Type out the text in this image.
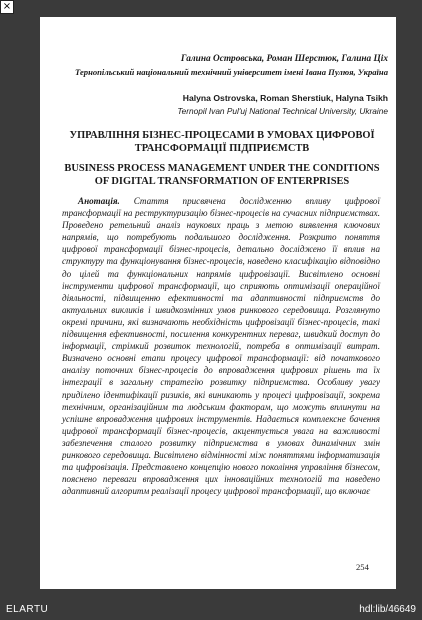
×
Галина Островська, Роман Шерстюк, Галина Ціх
Тернопільський національний технічний університет імені Івана Пулюя, Україна
Halyna Ostrovska, Roman Sherstiuk, Halyna Tsikh
Ternopil Ivan Pul'uj National Technical University, Ukraine
УПРАВЛІННЯ БІЗНЕС-ПРОЦЕСАМИ В УМОВАХ ЦИФРОВОЇ ТРАНСФОРМАЦІЇ ПІДПРИЄМСТВ
BUSINESS PROCESS MANAGEMENT UNDER THE CONDITIONS OF DIGITAL TRANSFORMATION OF ENTERPRISES

Анотація. Стаття присвячена дослідженню впливу цифрової трансформації на реструктуризацію бізнес-процесів на сучасних підприємствах. Проведено ретельний аналіз наукових праць з метою виявлення ключових напрямів, що потребують подальшого дослідження. Розкрито поняття цифрової трансформації бізнес-процесів, детально досліджено її вплив на структуру та функціонування бізнес-процесів, наведено класифікацію відповідно до цілей та функціональних напрямів цифровізації. Висвітлено основні інструменти цифрової трансформації, що сприяють оптимізації операційної діяльності, підвищенню ефективності та адаптивності підприємств до актуальних викликів і швидкозмінних умов ринкового середовища. Розглянуто окремі причини, які визначають необхідність цифровізації бізнес-процесів, такі підвищення ефективності, посилення конкурентних переваг, швидкий доступ до інформації, стрімкий розвиток технологій, потреба в оптимізації витрат. Визначено основні етапи процесу цифрової трансформації: від початкового аналізу поточних бізнес-процесів до впровадження цифрових рішень та їх інтеграції в загальну стратегію розвитку підприємства. Особливу увагу приділено ідентифікації ризиків, які виникають у процесі цифровізації, зокрема технічним, організаційним та людським факторам, що можуть вплинути на успішне впровадження цифрових інструментів. Надається комплексне бачення цифрової трансформації бізнес-процесів, акцентується увага на важливості забезпечення сталого розвитку підприємства в умовах динамічних змін ринкового середовища. Висвітлено відмінності між поняттями інформатизація та цифровізація. Представлено концепцію нового покоління управління бізнесом, пояснено переваги впровадження цих інноваційних технологій та наведено адаптивний алгоритм реалізації процесу цифрової трансформації, що включає

254
ELARTU	hdl:lib/46649
